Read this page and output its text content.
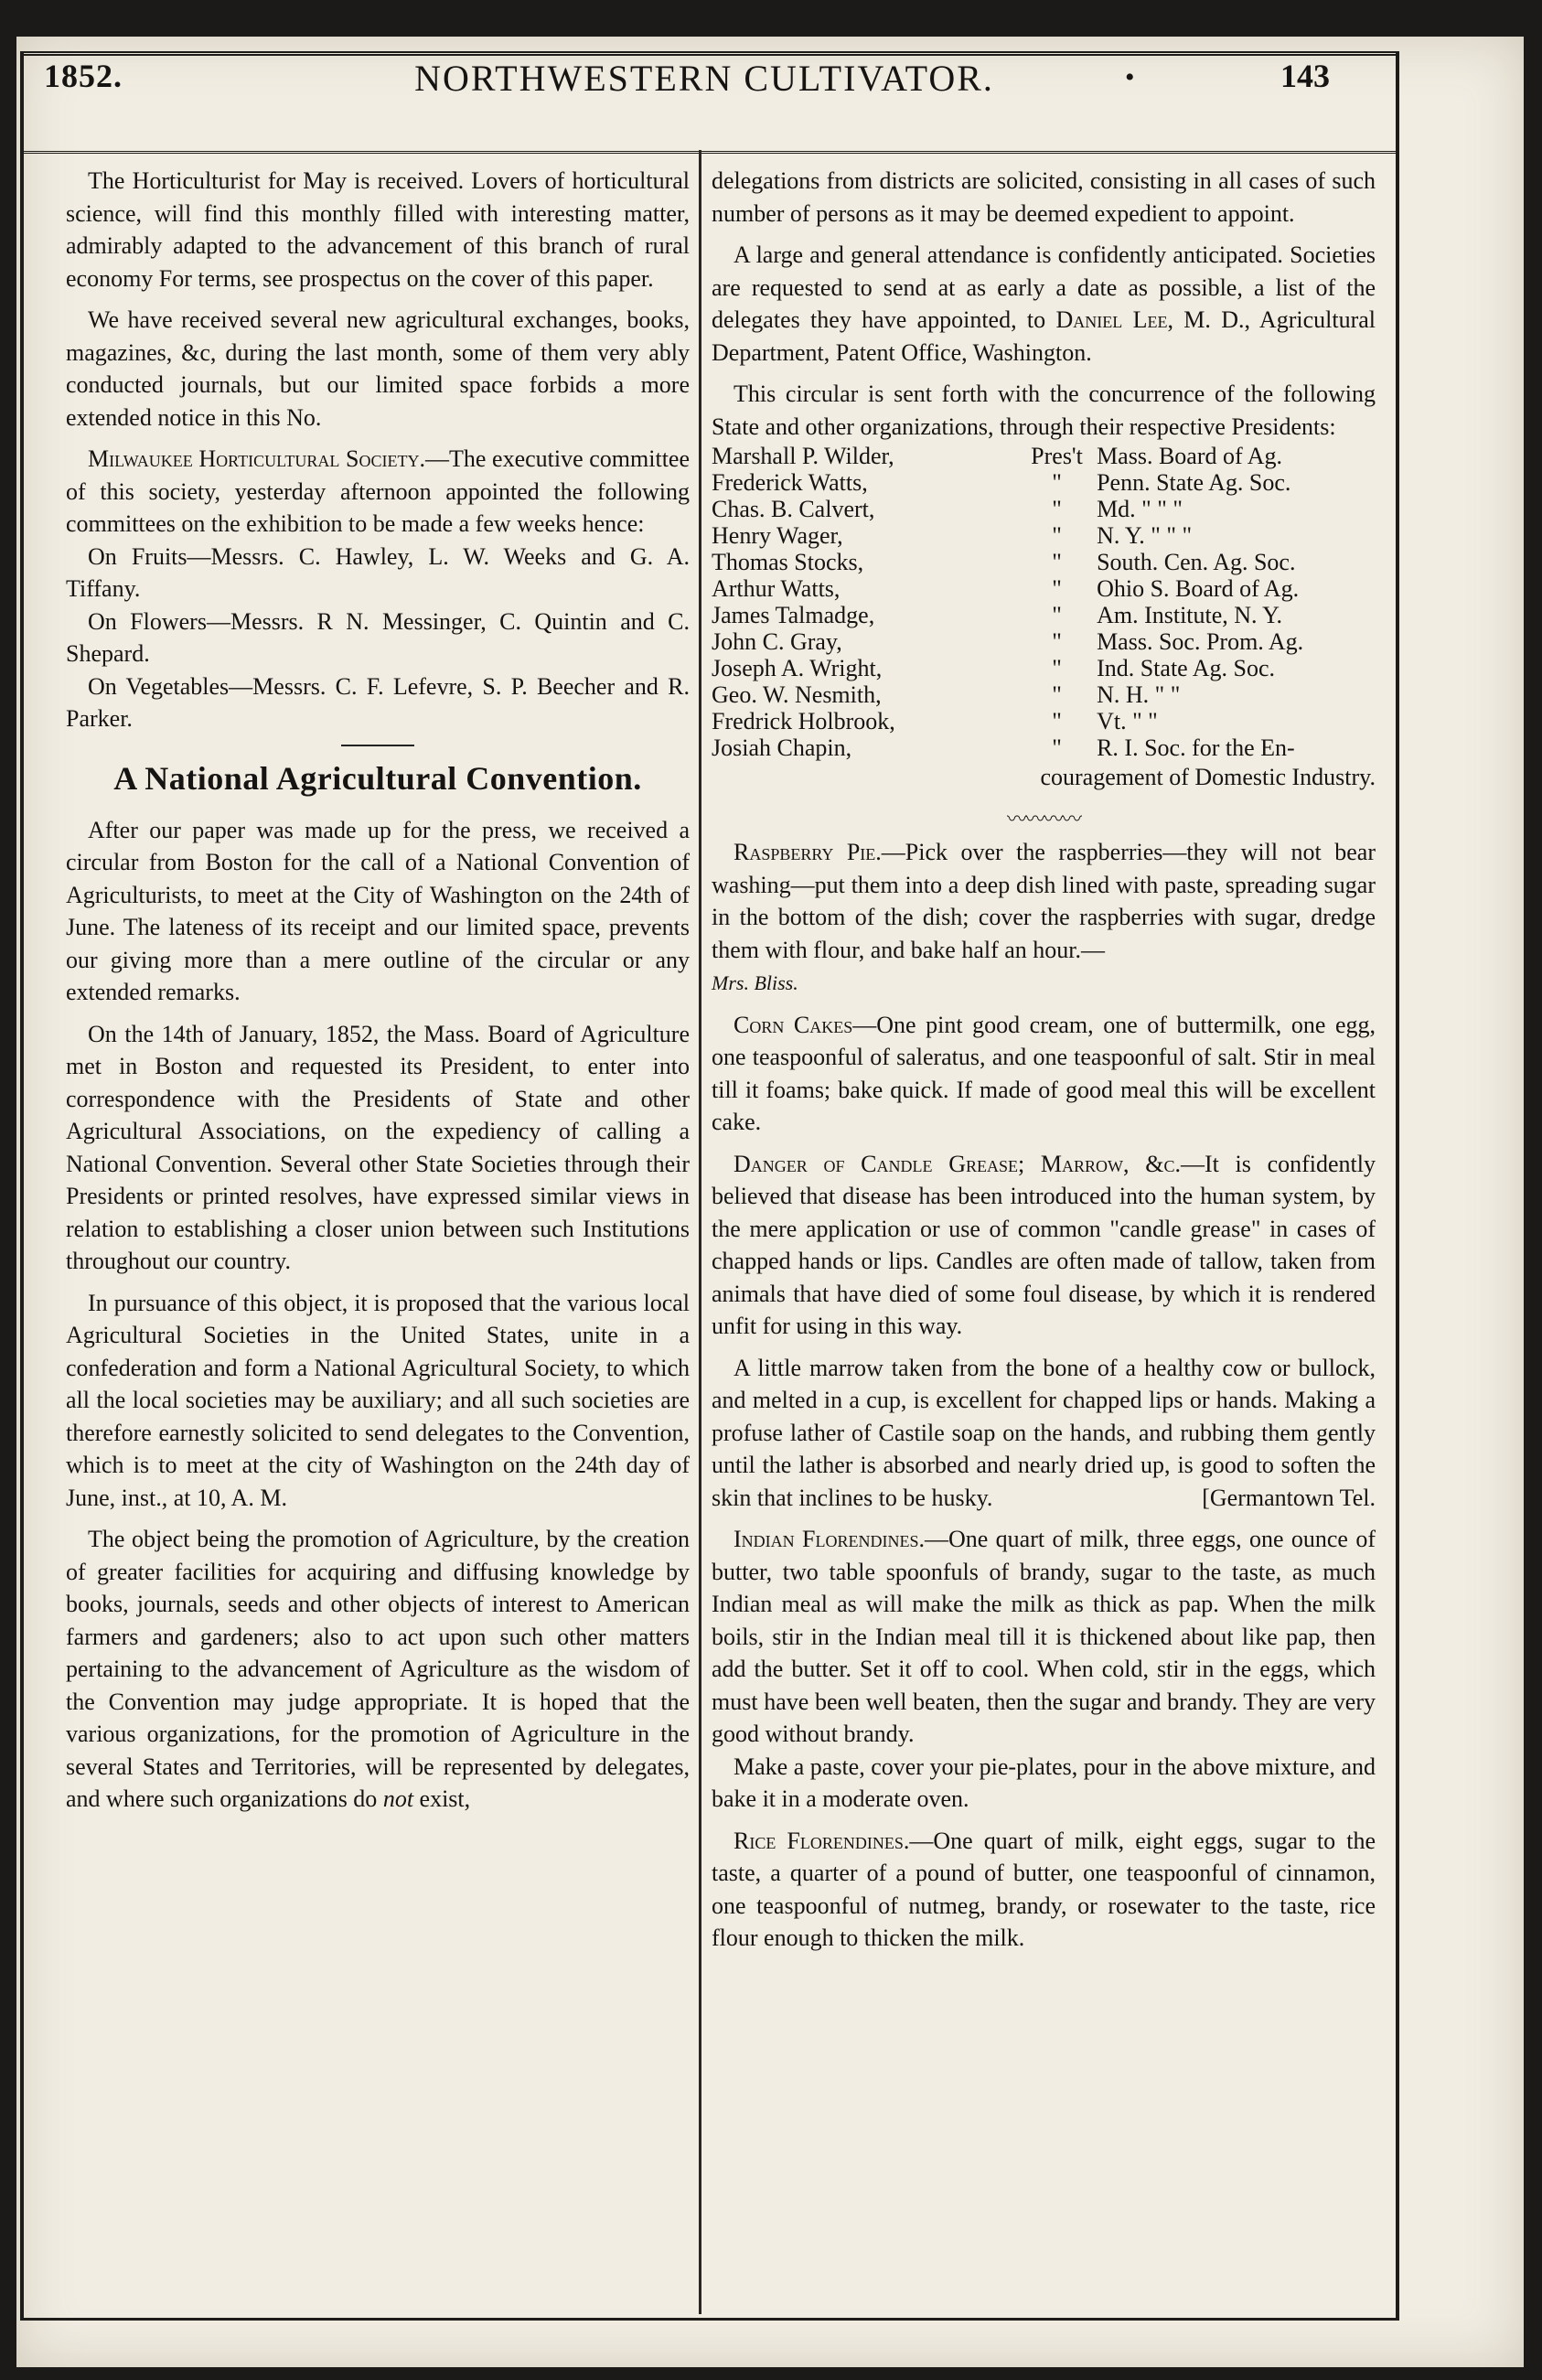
1852.	NORTHWESTERN CULTIVATOR.	•	143

The Horticulturist for May is received. Lovers of horticultural science, will find this monthly filled with interesting matter, admirably adapted to the advancement of this branch of rural economy For terms, see prospectus on the cover of this paper.

We have received several new agricultural exchanges, books, magazines, &c, during the last month, some of them very ably conducted journals, but our limited space forbids a more extended notice in this No.

Milwaukee Horticultural Society.—The executive committee of this society, yesterday afternoon appointed the following committees on the exhibition to be made a few weeks hence:

On Fruits—Messrs. C. Hawley, L. W. Weeks and G. A. Tiffany.

On Flowers—Messrs. R N. Messinger, C. Quintin and C. Shepard.

On Vegetables—Messrs. C. F. Lefevre, S. P. Beecher and R. Parker.

A National Agricultural Convention.

After our paper was made up for the press, we received a circular from Boston for the call of a National Convention of Agriculturists, to meet at the City of Washington on the 24th of June. The lateness of its receipt and our limited space, prevents our giving more than a mere outline of the circular or any extended remarks.

On the 14th of January, 1852, the Mass. Board of Agriculture met in Boston and requested its President, to enter into correspondence with the Presidents of State and other Agricultural Associations, on the expediency of calling a National Convention. Several other State Societies through their Presidents or printed resolves, have expressed similar views in relation to establishing a closer union between such Institutions throughout our country.

In pursuance of this object, it is proposed that the various local Agricultural Societies in the United States, unite in a confederation and form a National Agricultural Society, to which all the local societies may be auxiliary; and all such societies are therefore earnestly solicited to send delegates to the Convention, which is to meet at the city of Washington on the 24th day of June, inst., at 10, A. M.

The object being the promotion of Agriculture, by the creation of greater facilities for acquiring and diffusing knowledge by books, journals, seeds and other objects of interest to American farmers and gardeners; also to act upon such other matters pertaining to the advancement of Agriculture as the wisdom of the Convention may judge appropriate. It is hoped that the various organizations, for the promotion of Agriculture in the several States and Territories, will be represented by delegates, and where such organizations do not exist,

delegations from districts are solicited, consisting in all cases of such number of persons as it may be deemed expedient to appoint.

A large and general attendance is confidently anticipated. Societies are requested to send at as early a date as possible, a list of the delegates they have appointed, to Daniel Lee, M. D., Agricultural Department, Patent Office, Washington.

This circular is sent forth with the concurrence of the following State and other organizations, through their respective Presidents:

Marshall P. Wilder,	Pres't	Mass. Board of Ag.
Frederick Watts,	"	Penn. State Ag. Soc.
Chas. B. Calvert,	"	Md. " " "
Henry Wager,	"	N. Y. " " "
Thomas Stocks,	"	South. Cen. Ag. Soc.
Arthur Watts,	"	Ohio S. Board of Ag.
James Talmadge,	"	Am. Institute, N. Y.
John C. Gray,	"	Mass. Soc. Prom. Ag.
Joseph A. Wright,	"	Ind. State Ag. Soc.
Geo. W. Nesmith,	"	N. H. " "
Fredrick Holbrook,	"	Vt. " "
Josiah Chapin,	"	R. I. Soc. for the En-
couragement of Domestic Industry.
〰〰〰〰

Raspberry Pie.—Pick over the raspberries—they will not bear washing—put them into a deep dish lined with paste, spreading sugar in the bottom of the dish; cover the raspberries with sugar, dredge them with flour, and bake half an hour.—
Mrs. Bliss.

Corn Cakes—One pint good cream, one of buttermilk, one egg, one teaspoonful of saleratus, and one teaspoonful of salt. Stir in meal till it foams; bake quick. If made of good meal this will be excellent cake.

Danger of Candle Grease; Marrow, &c.—It is confidently believed that disease has been introduced into the human system, by the mere application or use of common "candle grease" in cases of chapped hands or lips. Candles are often made of tallow, taken from animals that have died of some foul disease, by which it is rendered unfit for using in this way.

A little marrow taken from the bone of a healthy cow or bullock, and melted in a cup, is excellent for chapped lips or hands. Making a profuse lather of Castile soap on the hands, and rubbing them gently until the lather is absorbed and nearly dried up, is good to soften the skin that inclines to be husky.	[Germantown Tel.

Indian Florendines.—One quart of milk, three eggs, one ounce of butter, two table spoonfuls of brandy, sugar to the taste, as much Indian meal as will make the milk as thick as pap. When the milk boils, stir in the Indian meal till it is thickened about like pap, then add the butter. Set it off to cool. When cold, stir in the eggs, which must have been well beaten, then the sugar and brandy. They are very good without brandy.

Make a paste, cover your pie-plates, pour in the above mixture, and bake it in a moderate oven.

Rice Florendines.—One quart of milk, eight eggs, sugar to the taste, a quarter of a pound of butter, one teaspoonful of cinnamon, one teaspoonful of nutmeg, brandy, or rosewater to the taste, rice flour enough to thicken the milk.
